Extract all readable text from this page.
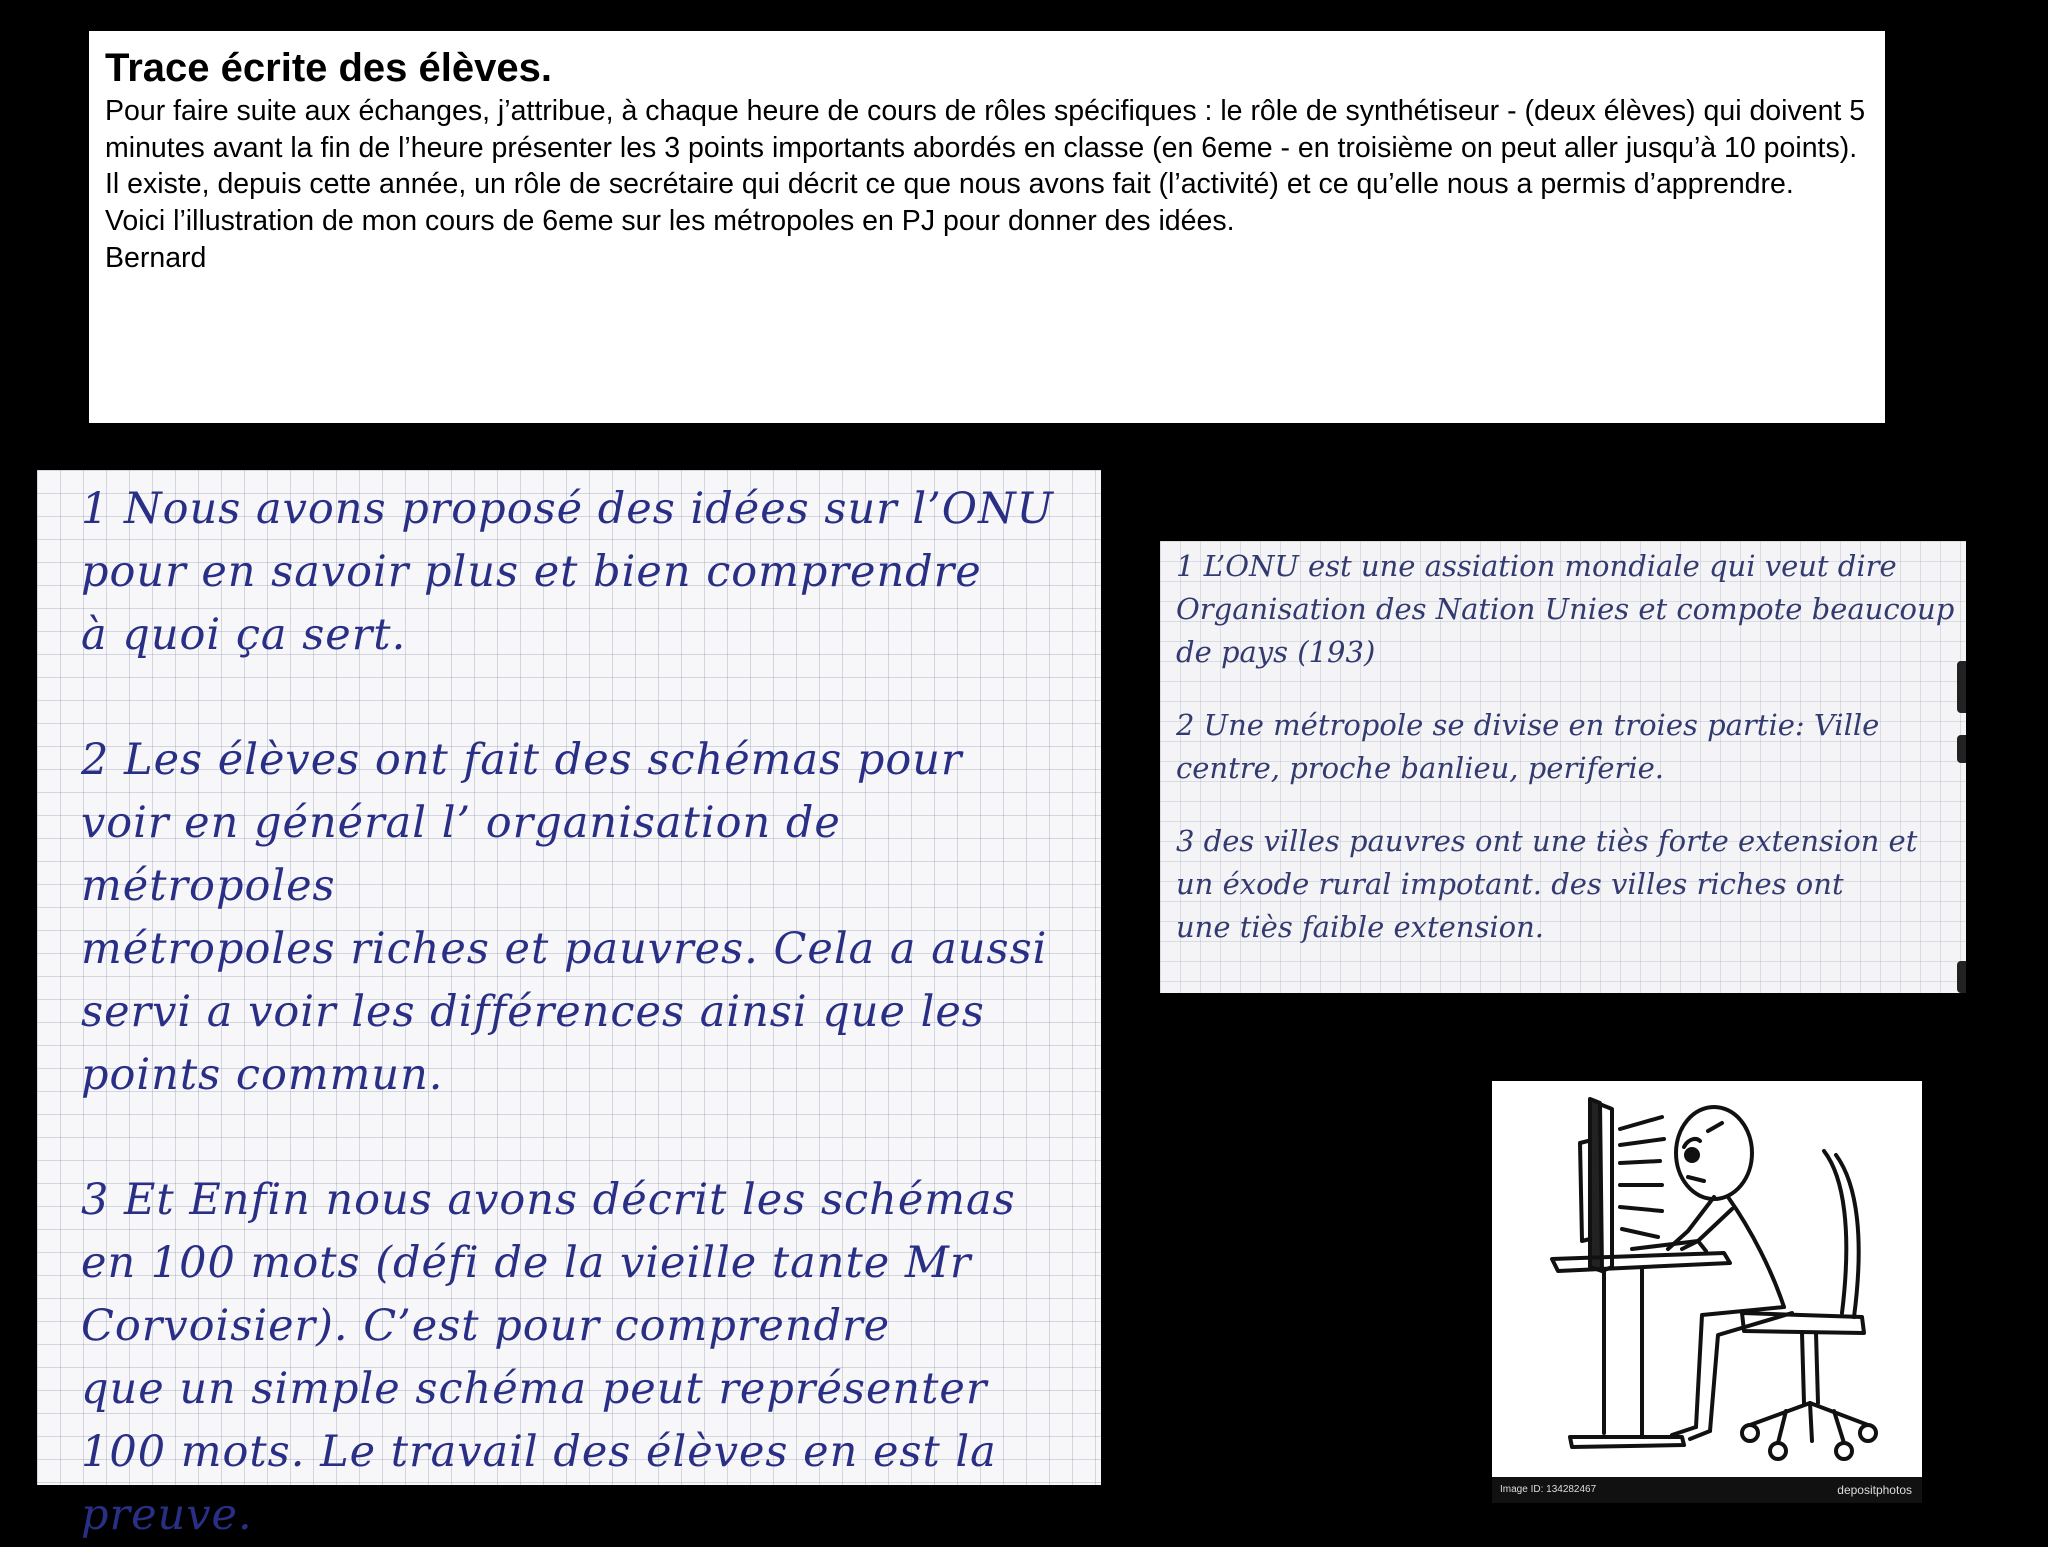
Trace écrite des élèves.

Pour faire suite aux échanges, j’attribue, à chaque heure de cours de rôles spécifiques : le rôle de synthétiseur - (deux élèves) qui doivent 5 minutes avant la fin de l’heure présenter les 3 points importants abordés en classe (en 6eme - en troisième on peut aller jusqu’à 10 points).

Il existe, depuis cette année, un rôle de secrétaire qui décrit ce que nous avons fait (l’activité) et ce qu’elle nous a permis d’apprendre.

Voici l’illustration de mon cours de 6eme sur les métropoles en PJ pour donner des idées.

Bernard

1 Nous avons proposé des idées sur l’ONU
pour en savoir plus et bien comprendre
à quoi ça sert.

2 Les élèves ont fait des schémas pour
voir en général l’ organisation de métropoles
métropoles riches et pauvres. Cela a aussi
servi a voir les différences ainsi que les
points commun.

3 Et Enfin nous avons décrit les schémas
en 100 mots (défi de la vieille tante Mr
Corvoisier). C’est pour comprendre
que un simple schéma peut représenter
100 mots. Le travail des élèves en est la
preuve.

1 L’ONU est une assiation mondiale qui veut dire
Organisation des Nation Unies et compote beaucoup
de pays (193)

2 Une métropole se divise en troies partie: Ville
centre, proche banlieu, periferie.

3 des villes pauvres ont une tiès forte extension et
un éxode rural impotant. des villes riches ont
une tiès faible extension.

Image ID: 134282467	depositphotos
